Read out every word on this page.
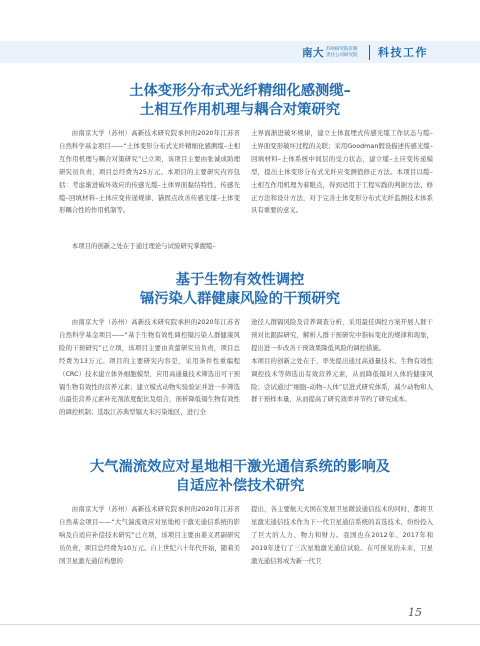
南大 苏州研究院有限
责任公司研究院 科技工作
土体变形分布式光纤精细化感测缆–
土相互作用机理与耦合对策研究

由南京大学（苏州）高新技术研究院承担的2020年江苏省自然科学基金项目——“土体变形分布式光纤精细化感测缆–土相互作用机理与耦合对策研究”已立项，该项目主要由张诚成助理研究员负责，项目总经费为25万元。本项目的主要研究内容包括：考虑渐进破坏效应的传感光缆–土体界面黏结特性、传感光缆–回填材料–土体应变传递规律、锚固点改善传感光缆–土体变形耦合性的作用机制等。

土界面渐进破坏规律，建立土体直埋式传感光缆工作状态与缆–土界面变形破坏过程的关联；采用Goodman假设描述传感光缆–回填材料–土体系统中间层的受力状态，建立缆–土应变传递模型，提出土体变形分布式光纤应变测值修正方法。本项目以缆–土相互作用机理为着眼点，得到适用于工程实践的判据方法、修正方法和设计方法，对于完善土体变形分布式光纤监测技术体系具有重要的意义。

本项目的创新之处在于通过理论与试验研究掌握缆–

基于生物有效性调控
镉污染人群健康风险的干预研究

由南京大学（苏州）高新技术研究院承担的2020年江苏省自然科学基金项目——“基于生物有效性调控镉污染人群健康风险的干预研究”已立项，该项目主要由黄蕾研究员负责，项目总经费为13万元。项目的主要研究内容是，采用条件性重编程（CRC）技术建立体外细胞模型，应用高通量技术筛选出可干预镉生物有效性的营养元素；建立模式动物实验验证并进一步筛选出最佳营养元素补充剂浓度配比及组合，剖析降低镉生物有效性的调控机制；选取江苏典型镉大米污染地区，进行全

途径人群镉风险及营养调查分析，采用最佳调控方案开展人群干预对比跟踪研究，解析人群干预研究中指标变化的规律和现象，提出进一步改善干预效果降低风险的调控措施。
本项目的创新之处在于，率先提出通过高通量技术、生物有效性调控技术等筛选出有效营养元素，从而降低镉对人体的健康风险；尝试通过“细胞–动物–人体”层进式研究体系，减少动物和人群干预样本量，从而提高了研究效率并节约了研究成本。

大气湍流效应对星地相干激光通信系统的影响及
自适应补偿技术研究

由南京大学（苏州）高新技术研究院承担的2020年江苏省自然基金项目——“大气湍流效应对星地相干激光通信系统的影响及自适应补偿技术研究”已立项，该项目主要由姜义君副研究员负责，项目总经费为10万元。自上世纪六十年代开始，随着美国卫星激光通信构想的

提出，各主要航天大国在发展卫星微波通信技术的同时，都将卫星激光通信技术作为下一代卫星通信系统的首选技术，纷纷投入了巨大的人力、物力和财力。我国也在2012年、2017年和2019年进行了三次星地激光通信试验。在可预见的未来，卫星激光通信将成为新一代卫

15
